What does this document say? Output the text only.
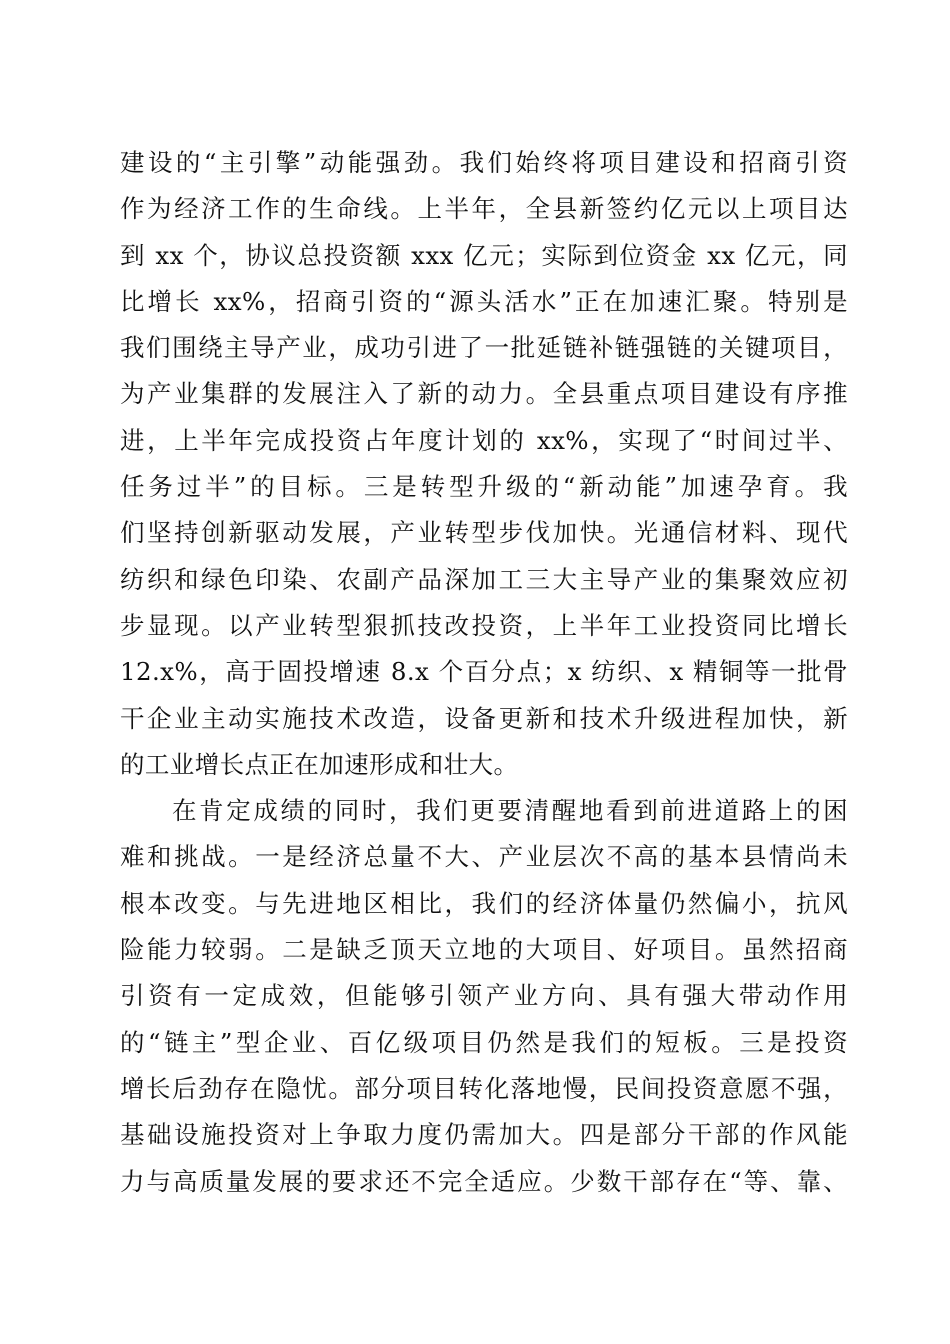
建设的“主引擎”动能强劲。我们始终将项目建设和招商引资
作为经济工作的生命线。上半年，全县新签约亿元以上项目达
到 xx 个，协议总投资额 xxx 亿元；实际到位资金 xx 亿元，同
比增长 xx%，招商引资的“源头活水”正在加速汇聚。特别是
我们围绕主导产业，成功引进了一批延链补链强链的关键项目，
为产业集群的发展注入了新的动力。全县重点项目建设有序推
进，上半年完成投资占年度计划的 xx%，实现了“时间过半、
任务过半”的目标。三是转型升级的“新动能”加速孕育。我
们坚持创新驱动发展，产业转型步伐加快。光通信材料、现代
纺织和绿色印染、农副产品深加工三大主导产业的集聚效应初
步显现。以产业转型狠抓技改投资，上半年工业投资同比增长
12.x%，高于固投增速 8.x 个百分点；x 纺织、x 精铜等一批骨
干企业主动实施技术改造，设备更新和技术升级进程加快，新
的工业增长点正在加速形成和壮大。
在肯定成绩的同时，我们更要清醒地看到前进道路上的困
难和挑战。一是经济总量不大、产业层次不高的基本县情尚未
根本改变。与先进地区相比，我们的经济体量仍然偏小，抗风
险能力较弱。二是缺乏顶天立地的大项目、好项目。虽然招商
引资有一定成效，但能够引领产业方向、具有强大带动作用
的“链主”型企业、百亿级项目仍然是我们的短板。三是投资
增长后劲存在隐忧。部分项目转化落地慢，民间投资意愿不强，
基础设施投资对上争取力度仍需加大。四是部分干部的作风能
力与高质量发展的要求还不完全适应。少数干部存在“等、靠、
